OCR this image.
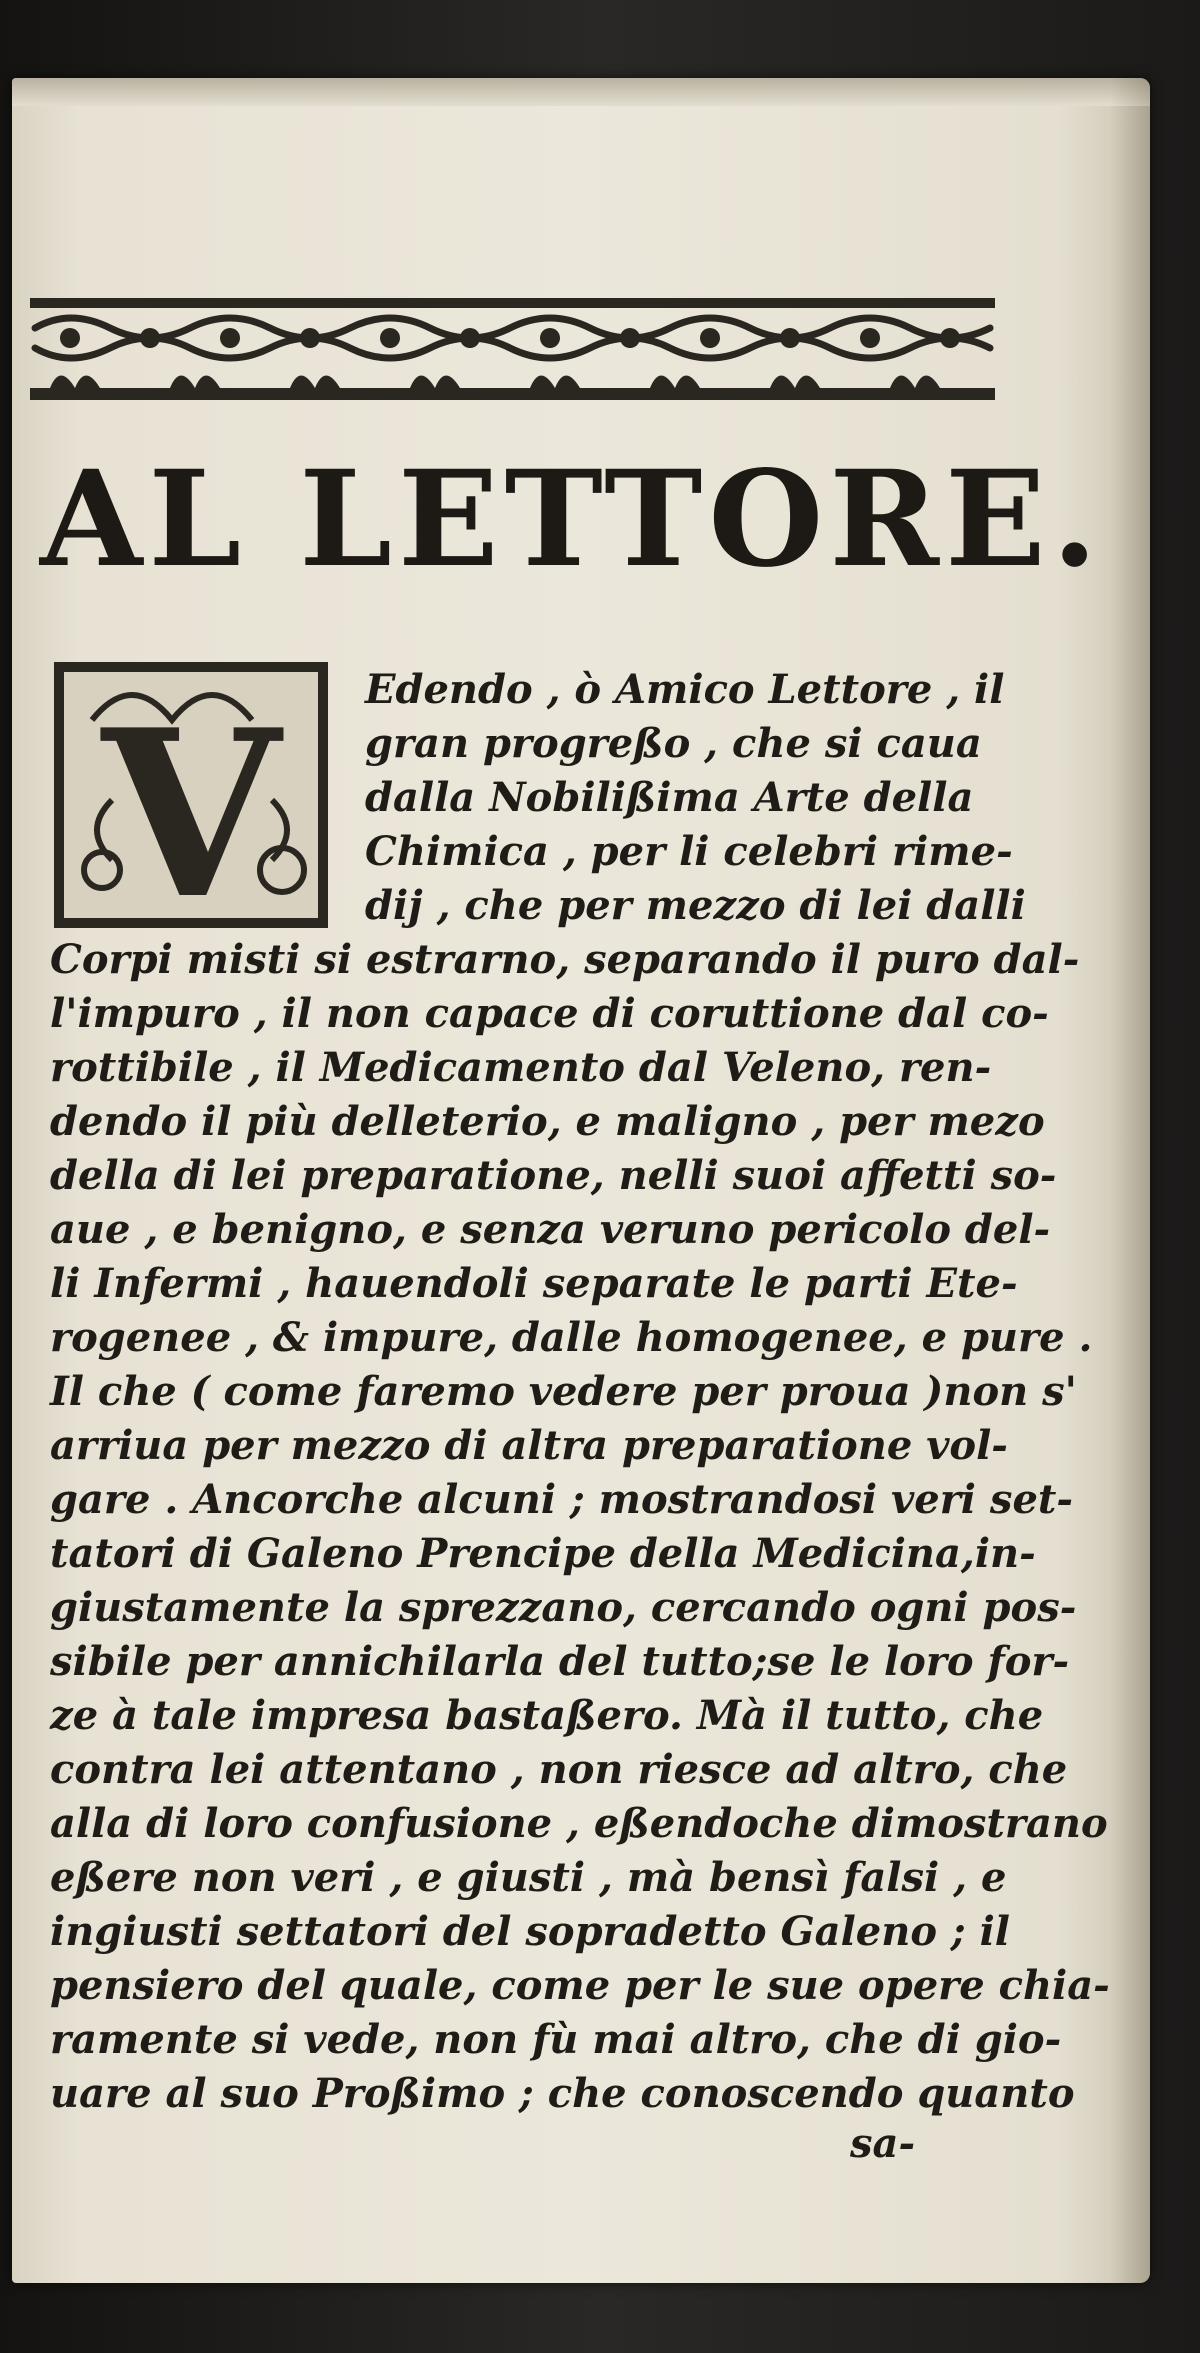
AL LETTORE.
V Edendo , ò Amico Lettore , il

gran progreßo , che si caua

dalla Nobilißima Arte della

Chimica , per li celebri rime-

dij , che per mezzo di lei dalli

Corpi misti si estrarno, separando il puro dal-

l'impuro , il non capace di coruttione dal co-

rottibile , il Medicamento dal Veleno, ren-

dendo il più delleterio, e maligno , per mezo

della di lei preparatione, nelli suoi affetti so-

aue , e benigno, e senza veruno pericolo del-

li Infermi , hauendoli separate le parti Ete-

rogenee , & impure, dalle homogenee, e pure .

Il che ( come faremo vedere per proua )non s'

arriua per mezzo di altra preparatione vol-

gare . Ancorche alcuni ; mostrandosi veri set-

tatori di Galeno Prencipe della Medicina,in-

giustamente la sprezzano, cercando ogni pos-

sibile per annichilarla del tutto;se le loro for-

ze à tale impresa bastaßero. Mà il tutto, che

contra lei attentano , non riesce ad altro, che

alla di loro confusione , eßendoche dimostrano

eßere non veri , e giusti , mà bensì falsi , e

ingiusti settatori del sopradetto Galeno ; il

pensiero del quale, come per le sue opere chia-

ramente si vede, non fù mai altro, che di gio-

uare al suo Proßimo ; che conoscendo quanto

sa-
